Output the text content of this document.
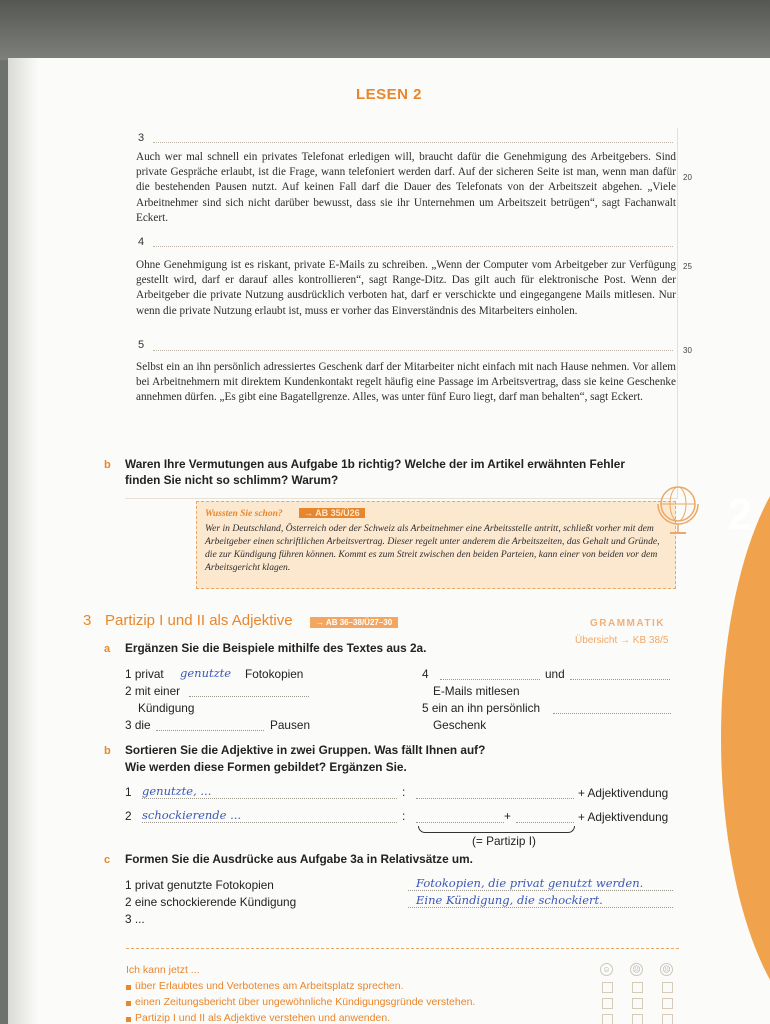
LESEN 2
3

Auch wer mal schnell ein privates Telefonat erledigen will, braucht dafür die Genehmigung des Arbeitgebers. Sind private Gespräche erlaubt, ist die Frage, wann telefoniert werden darf. Auf der sicheren Seite ist man, wenn man dafür die bestehenden Pausen nutzt. Auf keinen Fall darf die Dauer des Telefonats von der Arbeitszeit abgehen. „Viele Arbeitnehmer sind sich nicht darüber bewusst, dass sie ihr Unternehmen um Arbeitszeit betrügen“, sagt Fachanwalt Eckert.

4

Ohne Genehmigung ist es riskant, private E-Mails zu schreiben. „Wenn der Computer vom Arbeitgeber zur Verfügung gestellt wird, darf er darauf alles kontrollieren“, sagt Range-Ditz. Das gilt auch für elektronische Post. Wenn der Arbeitgeber die private Nutzung ausdrücklich verboten hat, darf er verschickte und eingegangene Mails mitlesen. Nur wenn die private Nutzung erlaubt ist, muss er vorher das Einverständnis des Mitarbeiters einholen.

5

Selbst ein an ihn persönlich adressiertes Geschenk darf der Mitarbeiter nicht einfach mit nach Hause nehmen. Vor allem bei Arbeitnehmern mit direktem Kundenkontakt regelt häufig eine Passage im Arbeitsvertrag, dass sie keine Geschenke annehmen dürfen. „Es gibt eine Bagatellgrenze. Alles, was unter fünf Euro liegt, darf man behalten“, sagt Eckert.

20
25
30
b Waren Ihre Vermutungen aus Aufgabe 1b richtig? Welche der im Artikel erwähnten Fehler finden Sie nicht so schlimm? Warum?
Wussten Sie schon?	→ AB 35/Ü26

Wer in Deutschland, Österreich oder der Schweiz als Arbeitnehmer eine Arbeitsstelle antritt, schließt vorher mit dem Arbeitgeber einen schriftlichen Arbeitsvertrag. Dieser regelt unter anderem die Arbeitszeiten, das Gehalt und Gründe, die zur Kündigung führen können. Kommt es zum Streit zwischen den beiden Parteien, kann einer von beiden vor dem Arbeitsgericht klagen.

2
3 Partizip I und II als Adjektive	→ AB 36–38/Ü27–30	GRAMMATIK
Übersicht → KB 38/5
a Ergänzen Sie die Beispiele mithilfe des Textes aus 2a.
1 privat genutzte Fotokopien
2 mit einer
Kündigung
3 die	Pausen
4	und
E-Mails mitlesen
5 ein an ihn persönlich
Geschenk
b Sortieren Sie die Adjektive in zwei Gruppen. Was fällt Ihnen auf?
Wie werden diese Formen gebildet? Ergänzen Sie.
1 genutzte, ...	:	+ Adjektivendung
2 schockierende ...	:	+	+ Adjektivendung
(= Partizip I)
c Formen Sie die Ausdrücke aus Aufgabe 3a in Relativsätze um.
1 privat genutzte Fotokopien	Fotokopien, die privat genutzt werden.
2 eine schockierende Kündigung	Eine Kündigung, die schockiert.
3 ...
Ich kann jetzt ...	☺	☹	☹
über Erlaubtes und Verbotenes am Arbeitsplatz sprechen.
einen Zeitungsbericht über ungewöhnliche Kündigungsgründe verstehen.
Partizip I und II als Adjektive verstehen und anwenden.
